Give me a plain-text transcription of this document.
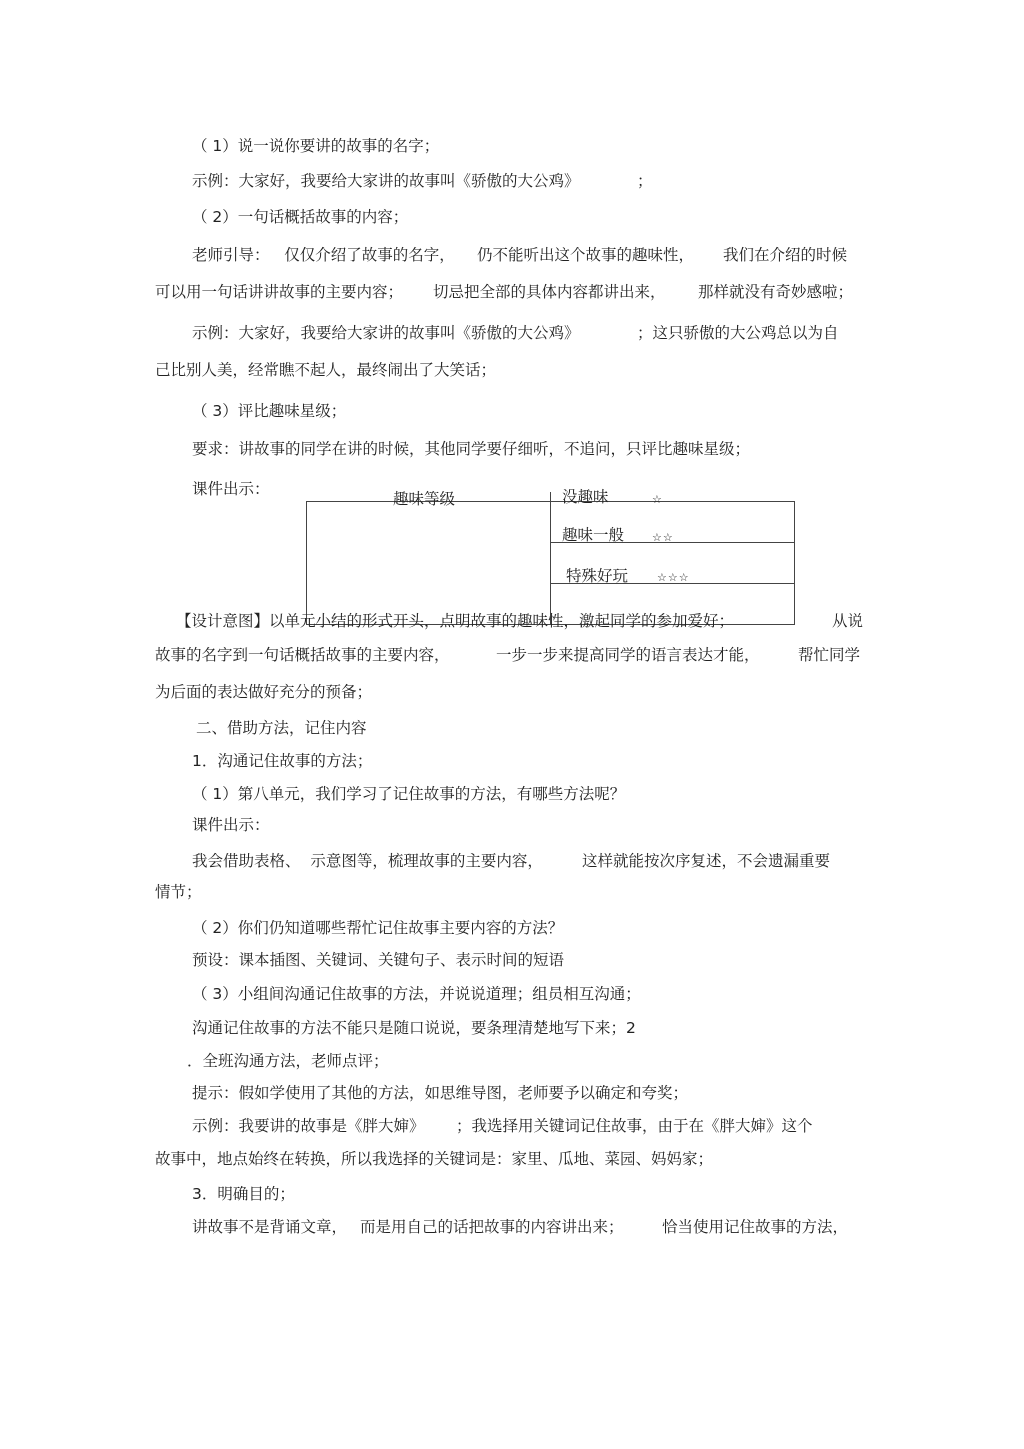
（ 1）说一说你要讲的故事的名字；
示例：大家好，我要给大家讲的故事叫《骄傲的大公鸡》	；
（ 2）一句话概括故事的内容；
老师引导：   仅仅介绍了故事的名字， 仍不能听出这个故事的趣味性， 我们在介绍的时候
可以用一句话讲讲故事的主要内容； 切忌把全部的具体内容都讲出来， 那样就没有奇妙感啦；
示例：大家好，我要给大家讲的故事叫《骄傲的大公鸡》	；这只骄傲的大公鸡总以为自
己比别人美，经常瞧不起人，最终闹出了大笑话；
（ 3）评比趣味星级；
要求：讲故事的同学在讲的时候，其他同学要仔细听，不追问，只评比趣味星级；
课件出示：
趣味等级	没趣味	☆
趣味一般	☆☆
特殊好玩	☆☆☆
【设计意图】以单元小结的形式开头，点明故事的趣味性，激起同学的参加爱好；	从说
故事的名字到一句话概括故事的主要内容，	一步一步来提高同学的语言表达才能， 帮忙同学
为后面的表达做好充分的预备；
二、借助方法，记住内容
1．沟通记住故事的方法；
（ 1）第八单元，我们学习了记住故事的方法，有哪些方法呢？
课件出示：
我会借助表格、  示意图等，梳理故事的主要内容，	这样就能按次序复述，不会遗漏重要
情节；
（ 2）你们仍知道哪些帮忙记住故事主要内容的方法？
预设：课本插图、关键词、关键句子、表示时间的短语
（ 3）小组间沟通记住故事的方法，并说说道理；组员相互沟通；
沟通记住故事的方法不能只是随口说说，要条理清楚地写下来；2
．全班沟通方法，老师点评；
提示：假如学使用了其他的方法，如思维导图，老师要予以确定和夸奖；
示例：我要讲的故事是《胖大婶》 ；我选择用关键词记住故事，由于在《胖大婶》这个
故事中，地点始终在转换，所以我选择的关键词是：家里、瓜地、菜园、妈妈家；
3．明确目的；
讲故事不是背诵文章， 而是用自己的话把故事的内容讲出来； 恰当使用记住故事的方法，
